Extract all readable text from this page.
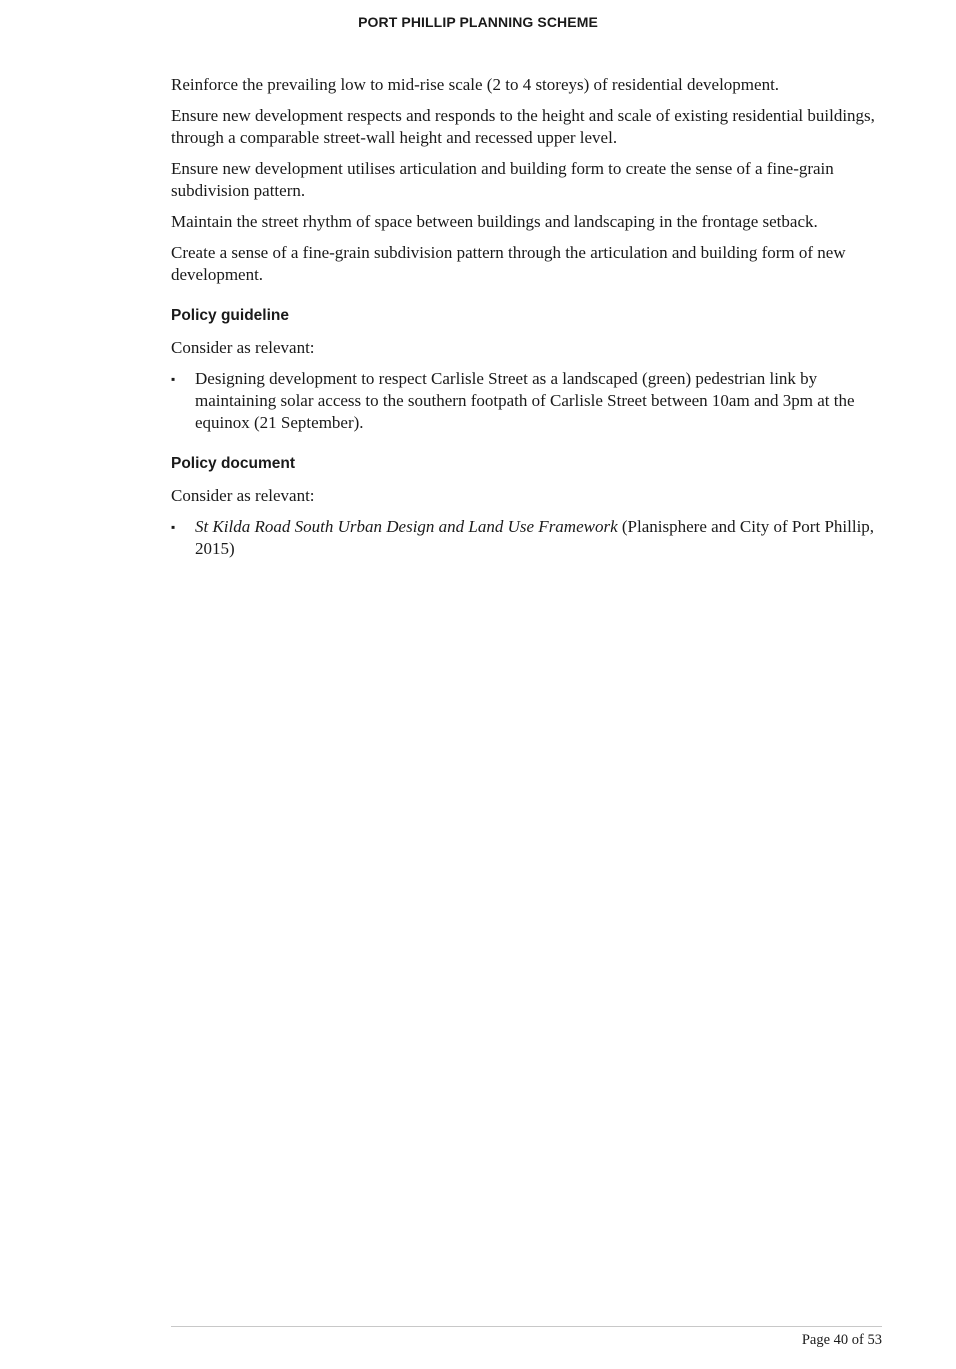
PORT PHILLIP PLANNING SCHEME

Reinforce the prevailing low to mid-rise scale (2 to 4 storeys) of residential development.

Ensure new development respects and responds to the height and scale of existing residential buildings, through a comparable street-wall height and recessed upper level.

Ensure new development utilises articulation and building form to create the sense of a fine-grain subdivision pattern.

Maintain the street rhythm of space between buildings and landscaping in the frontage setback.

Create a sense of a fine-grain subdivision pattern through the articulation and building form of new development.

Policy guideline

Consider as relevant:

▪	Designing development to respect Carlisle Street as a landscaped (green) pedestrian link by maintaining solar access to the southern footpath of Carlisle Street between 10am and 3pm at the equinox (21 September).
Policy document

Consider as relevant:

▪	St Kilda Road South Urban Design and Land Use Framework (Planisphere and City of Port Phillip, 2015)
Page 40 of 53
